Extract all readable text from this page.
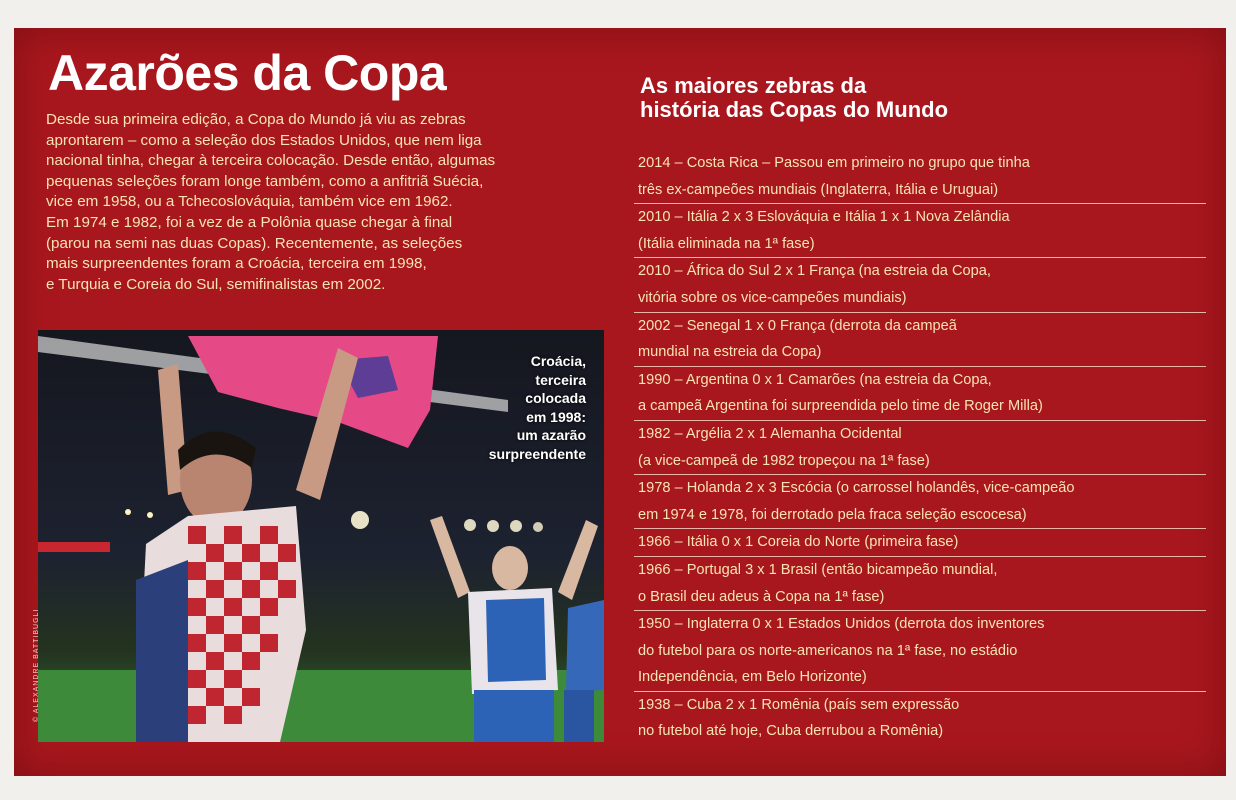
Azarões da Copa

Desde sua primeira edição, a Copa do Mundo já viu as zebras
aprontarem – como a seleção dos Estados Unidos, que nem liga
nacional tinha, chegar à terceira colocação. Desde então, algumas
pequenas seleções foram longe também, como a anfitriã Suécia,
vice em 1958, ou a Tchecoslováquia, também vice em 1962.
Em 1974 e 1982, foi a vez de a Polônia quase chegar à final
(parou na semi nas duas Copas). Recentemente, as seleções
mais surpreendentes foram a Croácia, terceira em 1998,
e Turquia e Coreia do Sul, semifinalistas em 2002.

Croácia,
terceira
colocada
em 1998:
um azarão
surpreendente
© ALEXANDRE BATTIBUGLI
As maiores zebras da
história das Copas do Mundo
2014 – Costa Rica – Passou em primeiro no grupo que tinha
três ex-campeões mundiais (Inglaterra, Itália e Uruguai)
2010 – Itália 2 x 3 Eslováquia e Itália 1 x 1 Nova Zelândia
(Itália eliminada na 1ª fase)
2010 – África do Sul 2 x 1 França (na estreia da Copa,
vitória sobre os vice-campeões mundiais)
2002 – Senegal 1 x 0 França (derrota da campeã
mundial na estreia da Copa)
1990 – Argentina 0 x 1 Camarões (na estreia da Copa,
a campeã Argentina foi surpreendida pelo time de Roger Milla)
1982 – Argélia 2 x 1 Alemanha Ocidental
(a vice-campeã de 1982 tropeçou na 1ª fase)
1978 – Holanda 2 x 3 Escócia (o carrossel holandês, vice-campeão
em 1974 e 1978, foi derrotado pela fraca seleção escocesa)
1966 – Itália 0 x 1 Coreia do Norte (primeira fase)
1966 – Portugal 3 x 1 Brasil (então bicampeão mundial,
o Brasil deu adeus à Copa na 1ª fase)
1950 – Inglaterra 0 x 1 Estados Unidos (derrota dos inventores
do futebol para os norte-americanos na 1ª fase, no estádio
Independência, em Belo Horizonte)
1938 – Cuba 2 x 1 Romênia (país sem expressão
no futebol até hoje, Cuba derrubou a Romênia)
